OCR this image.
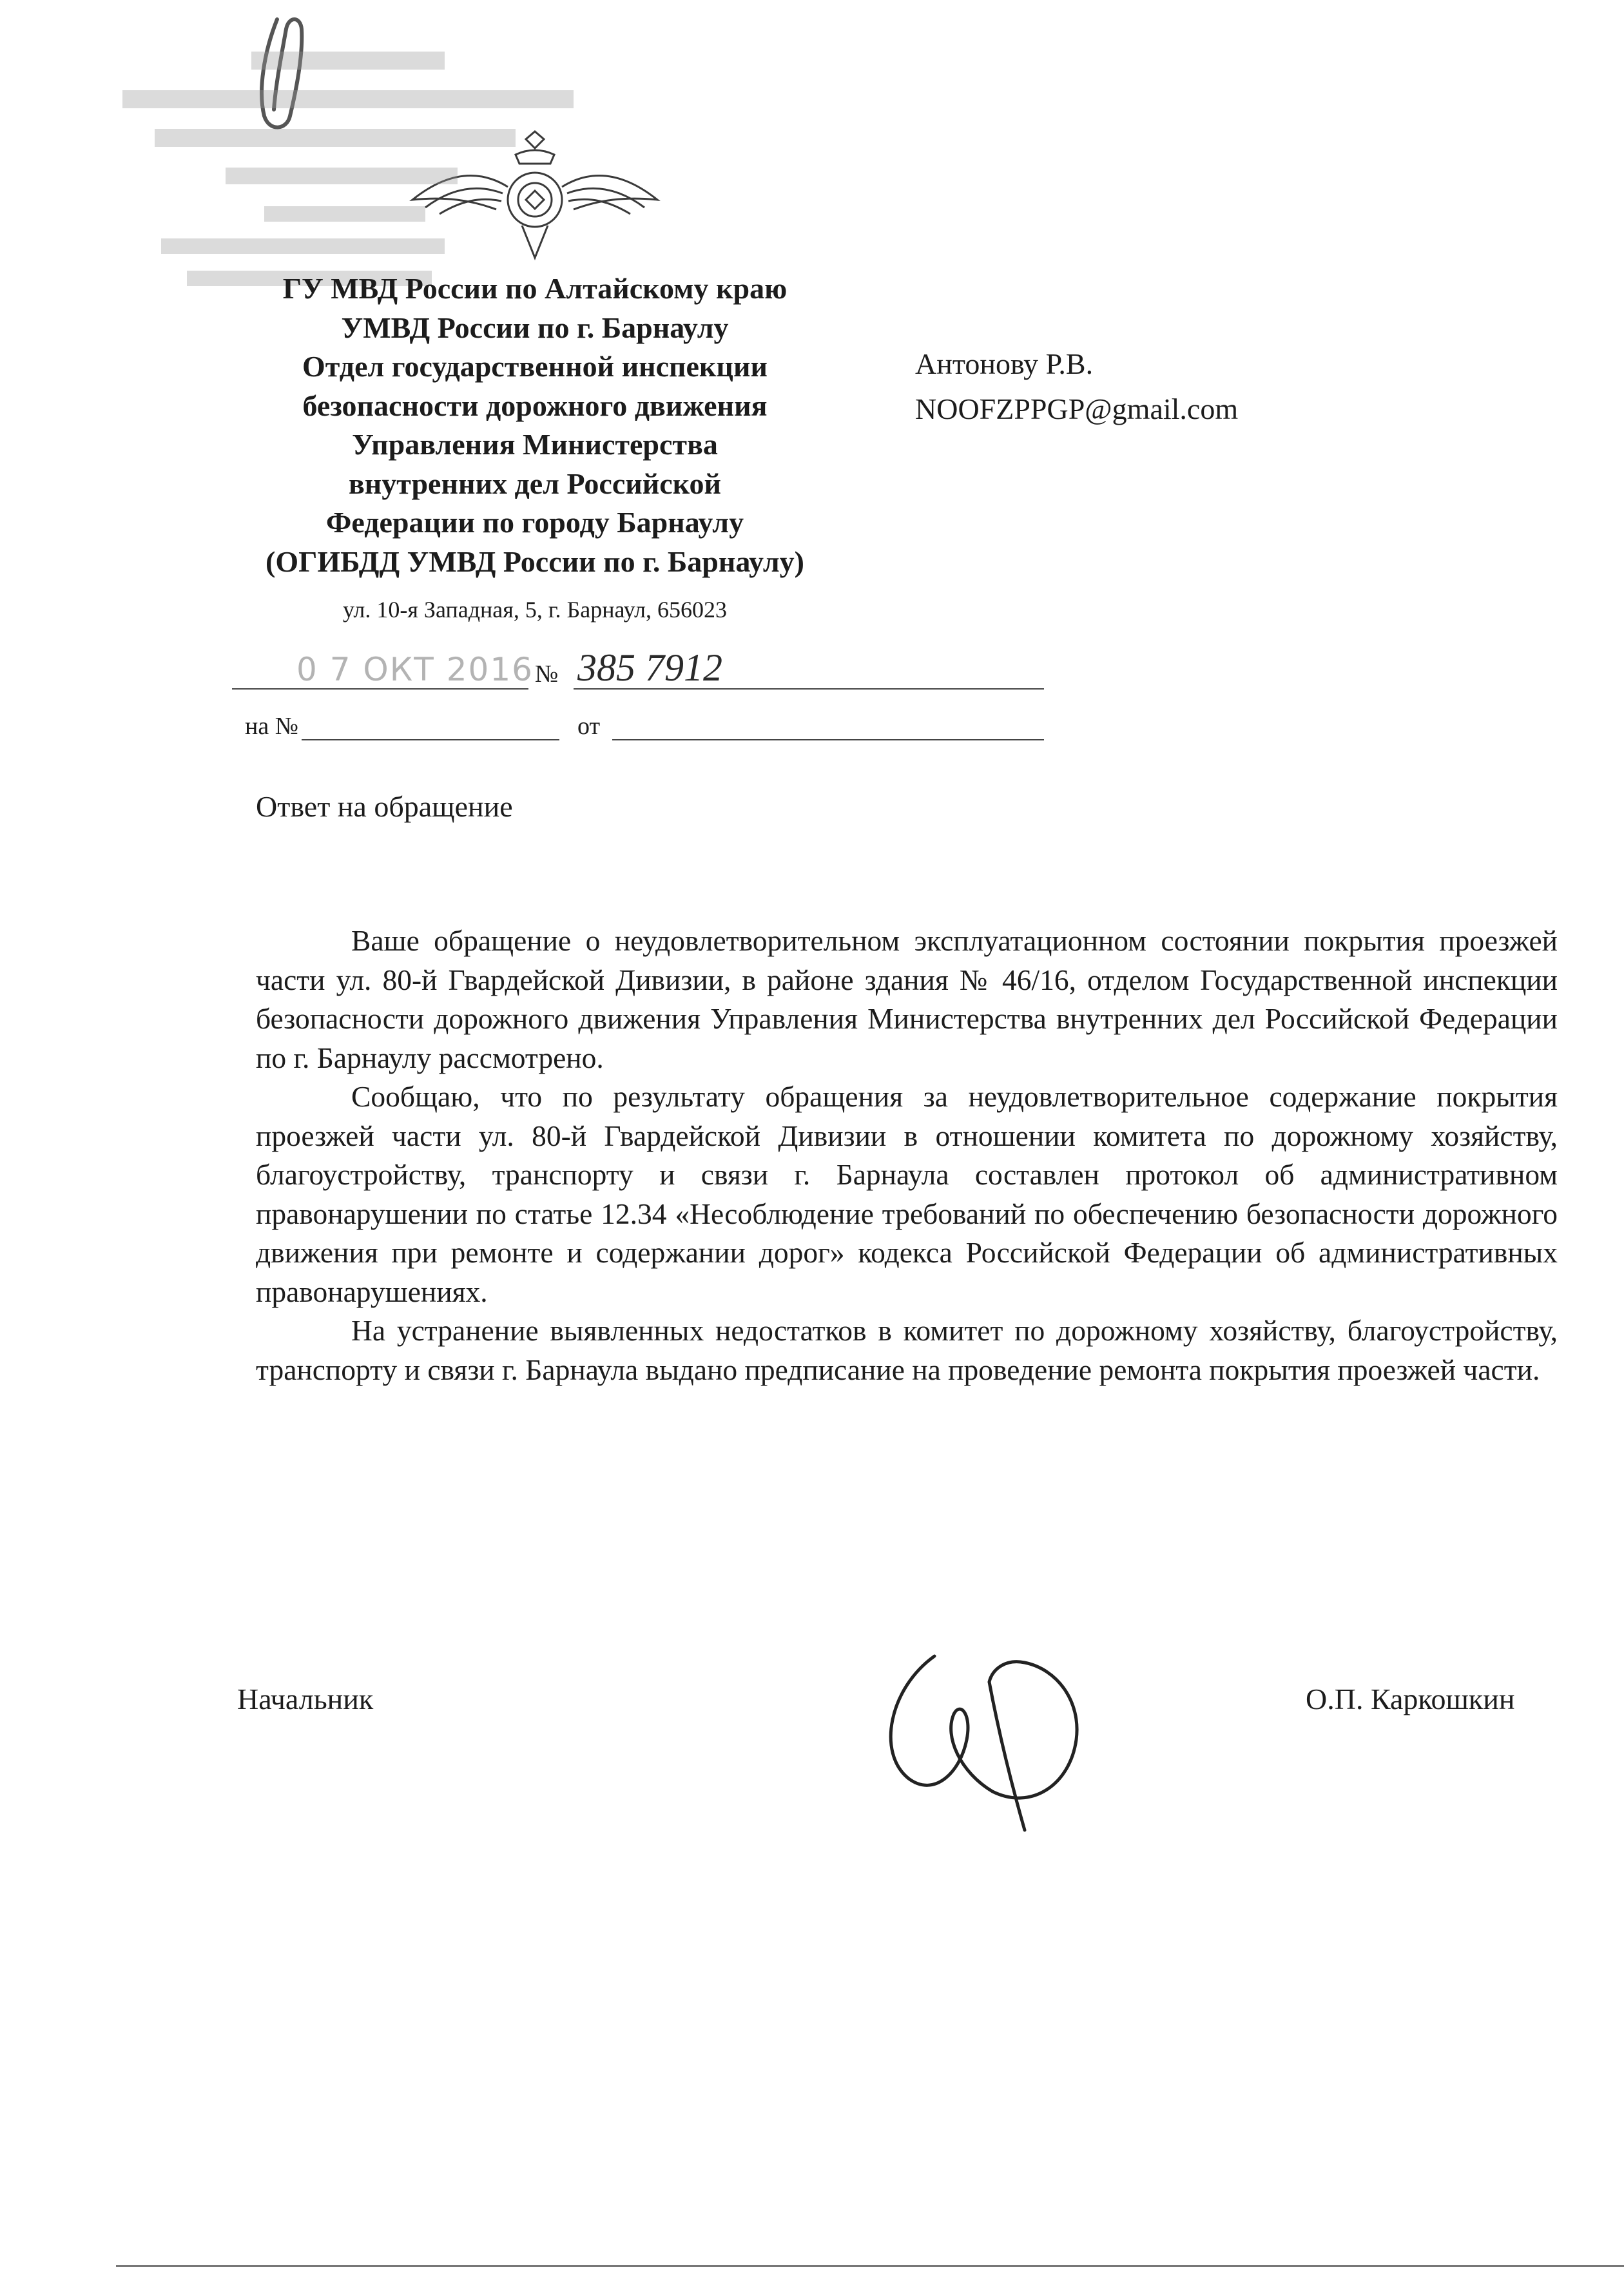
ГУ МВД России по Алтайскому краю
УМВД России по г. Барнаулу
Отдел государственной инспекции
безопасности дорожного движения
Управления Министерства
внутренних дел Российской
Федерации по городу Барнаулу
(ОГИБДД УМВД России по г. Барнаулу)
ул. 10-я Западная, 5, г. Барнаул, 656023
0 7 ОКТ 2016 № 385 7912
на №	от
Антонову Р.В.
NOOFZPPGP@gmail.com
Ответ на обращение

Ваше обращение о неудовлетворительном эксплуатационном состоянии покрытия проезжей части ул. 80-й Гвардейской Дивизии, в районе здания № 46/16, отделом Государственной инспекции безопасности дорожного движения Управления Министерства внутренних дел Российской Федерации по г. Барнаулу рассмотрено.

Сообщаю, что по результату обращения за неудовлетворительное содержание покрытия проезжей части ул. 80-й Гвардейской Дивизии в отношении комитета по дорожному хозяйству, благоустройству, транспорту и связи г. Барнаула составлен протокол об административном правонарушении по статье 12.34 «Несоблюдение требований по обеспечению безопасности дорожного движения при ремонте и содержании дорог» кодекса Российской Федерации об административных правонарушениях.

На устранение выявленных недостатков в комитет по дорожному хозяйству, благоустройству, транспорту и связи г. Барнаула выдано предписание на проведение ремонта покрытия проезжей части.

Начальник	О.П. Каркошкин
